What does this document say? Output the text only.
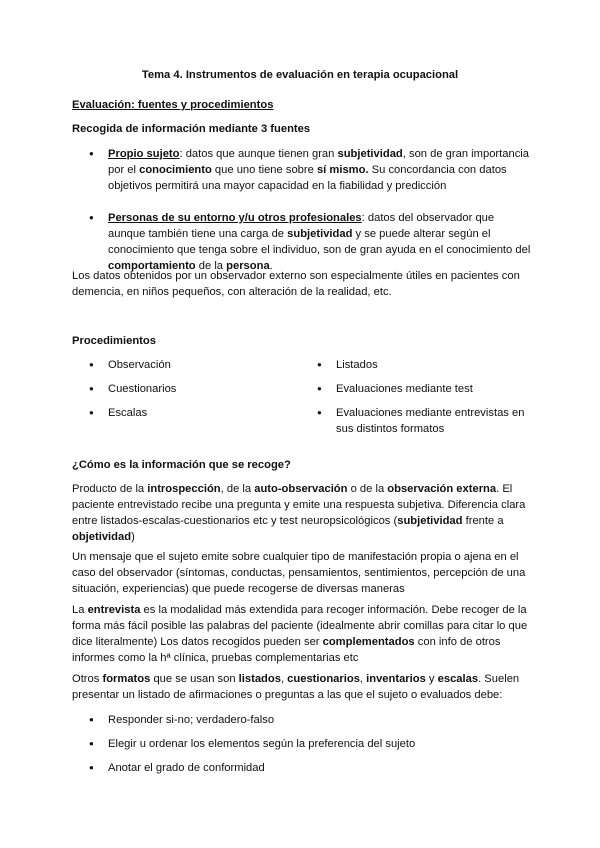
Tema 4. Instrumentos de evaluación en terapia ocupacional
Evaluación: fuentes y procedimientos
Recogida de información mediante 3 fuentes
● Propio sujeto: datos que aunque tienen gran subjetividad, son de gran importancia por el conocimiento que uno tiene sobre sí mismo. Su concordancia con datos objetivos permitirá una mayor capacidad en la fiabilidad y predicción
● Personas de su entorno y/u otros profesionales: datos del observador que aunque también tiene una carga de subjetividad y se puede alterar según el conocimiento que tenga sobre el individuo, son de gran ayuda en el conocimiento del comportamiento de la persona.

Los datos obtenidos por un observador externo son especialmente útiles en pacientes con demencia, en niños pequeños, con alteración de la realidad, etc.

Procedimientos
● Observación
● Cuestionarios
● Escalas
● Listados
● Evaluaciones mediante test
● Evaluaciones mediante entrevistas en sus distintos formatos
¿Cómo es la información que se recoge?

Producto de la introspección, de la auto-observación o de la observación externa. El paciente entrevistado recibe una pregunta y emite una respuesta subjetiva. Diferencia clara entre listados-escalas-cuestionarios etc y test neuropsicológicos (subjetividad frente a objetividad)

Un mensaje que el sujeto emite sobre cualquier tipo de manifestación propia o ajena en el caso del observador (síntomas, conductas, pensamientos, sentimientos, percepción de una situación, experiencias) que puede recogerse de diversas maneras

La entrevista es la modalidad más extendida para recoger información. Debe recoger de la forma más fácil posible las palabras del paciente (idealmente abrir comillas para citar lo que dice literalmente) Los datos recogidos pueden ser complementados con info de otros informes como la hª clínica, pruebas complementarias etc

Otros formatos que se usan son listados, cuestionarios, inventarios y escalas. Suelen presentar un listado de afirmaciones o preguntas a las que el sujeto o evaluados debe:

● Responder si-no; verdadero-falso
● Elegir u ordenar los elementos según la preferencia del sujeto
● Anotar el grado de conformidad
